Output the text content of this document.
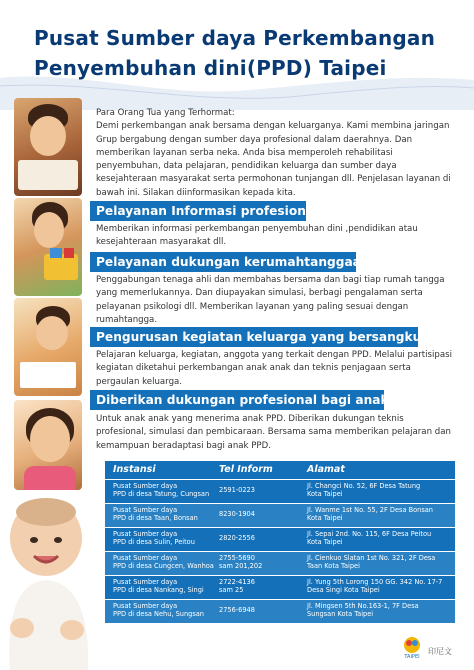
Pusat Sumber daya Perkembangan
Penyembuhan dini(PPD) Taipei
Para Orang Tua yang Terhormat:
Demi perkembangan anak bersama dengan keluarganya. Kami membina jaringan Grup bergabung dengan sumber daya profesional dalam daerahnya. Dan memberikan layanan serba neka. Anda bisa memperoleh rehabilitasi penyembuhan, data pelajaran, pendidikan keluarga dan sumber daya kesejahteraan masyarakat serta permohonan tunjangan dll. Penjelasan layanan di bawah ini. Silakan diinformasikan kepada kita.
Pelayanan Informasi profesional
Memberikan informasi perkembangan penyembuhan dini ,pendidikan atau kesejahteraan masyarakat dll.
Pelayanan dukungan kerumahtanggaan
Penggabungan tenaga ahli dan membahas bersama dan bagi tiap rumah tangga yang memerlukannya. Dan diupayakan simulasi, berbagi pengalaman serta pelayanan psikologi dll. Memberikan layanan yang paling sesuai dengan rumahtangga.
Pengurusan kegiatan keluarga yang bersangkutan
Pelajaran keluarga, kegiatan, anggota yang terkait dengan PPD. Melalui partisipasi kegiatan diketahui perkembangan anak anak dan teknis penjagaan serta pergaulan keluarga.
Diberikan dukungan profesional bagi anak anak
Untuk anak anak yang menerima anak PPD. Diberikan dukungan teknis profesional, simulasi dan pembicaraan. Bersama sama memberikan pelajaran dan kemampuan beradaptasi bagi anak PPD.
Instansi	Tel Inform	Alamat
Pusat Sumber daya
PPD di desa Tatung, Cungsan
2591-0223	Jl. Changci No. 52, 6F Desa Tatung
Kota Taipei
Pusat Sumber daya
PPD di desa Taan, Bonsan
8230-1904	Jl. Wanme 1st No. 55, 2F Desa Bonsan
Kota Taipei
Pusat Sumber daya
PPD di desa Sulin, Peitou
2820-2556	Jl. Sepai 2nd. No. 115, 6F Desa Peitou
Kota Taipei
Pusat Sumber daya
PPD di desa Cungcen, Wanhoa
2755-5690
sam 201,202
Jl. Cienkuo Slatan 1st No. 321, 2F Desa
Taan Kota Taipei
Pusat Sumber daya
PPD di desa Nankang, Singi
2722-4136
sam 25
Jl. Yung 5th Lorong 150 GG. 342 No. 17-7
Desa Singi Kota Taipei
Pusat Sumber daya
PPD di desa Nehu, Sungsan
2756-6948	Jl. Mingsen 5th No.163-1, 7F Desa
Sungsan Kota Taipei
TAIPEI
印尼文
